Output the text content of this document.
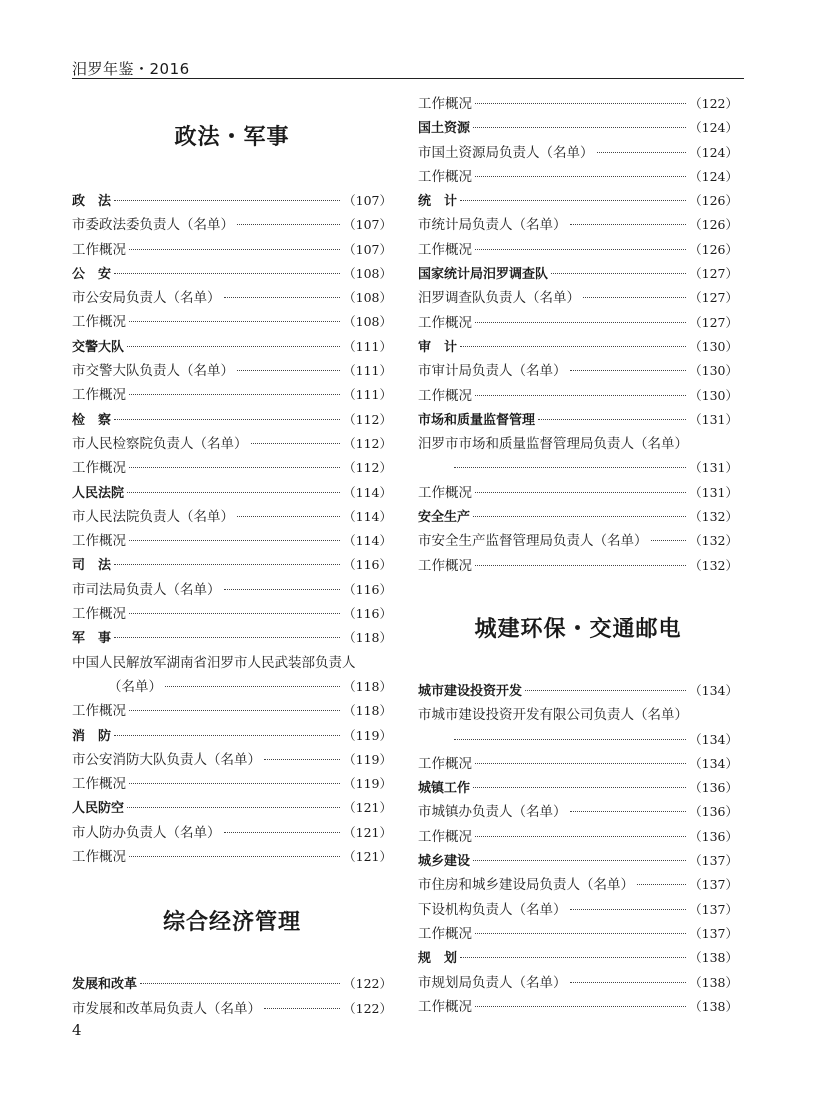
汨罗年鉴・2016
政法・军事
政　法	（107）
市委政法委负责人（名单）	（107）
工作概况	（107）
公　安	（108）
市公安局负责人（名单）	（108）
工作概况	（108）
交警大队	（111）
市交警大队负责人（名单）	（111）
工作概况	（111）
检　察	（112）
市人民检察院负责人（名单）	（112）
工作概况	（112）
人民法院	（114）
市人民法院负责人（名单）	（114）
工作概况	（114）
司　法	（116）
市司法局负责人（名单）	（116）
工作概况	（116）
军　事	（118）
中国人民解放军湖南省汨罗市人民武装部负责人
（名单）	（118）
工作概况	（118）
消　防	（119）
市公安消防大队负责人（名单）	（119）
工作概况	（119）
人民防空	（121）
市人防办负责人（名单）	（121）
工作概况	（121）
综合经济管理
发展和改革	（122）
市发展和改革局负责人（名单）	（122）
工作概况	（122）
国土资源	（124）
市国土资源局负责人（名单）	（124）
工作概况	（124）
统　计	（126）
市统计局负责人（名单）	（126）
工作概况	（126）
国家统计局汨罗调查队	（127）
汨罗调查队负责人（名单）	（127）
工作概况	（127）
审　计	（130）
市审计局负责人（名单）	（130）
工作概况	（130）
市场和质量监督管理	（131）
汨罗市市场和质量监督管理局负责人（名单）
（131）
工作概况	（131）
安全生产	（132）
市安全生产监督管理局负责人（名单）	（132）
工作概况	（132）
城建环保・交通邮电
城市建设投资开发	（134）
市城市建设投资开发有限公司负责人（名单）
（134）
工作概况	（134）
城镇工作	（136）
市城镇办负责人（名单）	（136）
工作概况	（136）
城乡建设	（137）
市住房和城乡建设局负责人（名单）	（137）
下设机构负责人（名单）	（137）
工作概况	（137）
规　划	（138）
市规划局负责人（名单）	（138）
工作概况	（138）
4
